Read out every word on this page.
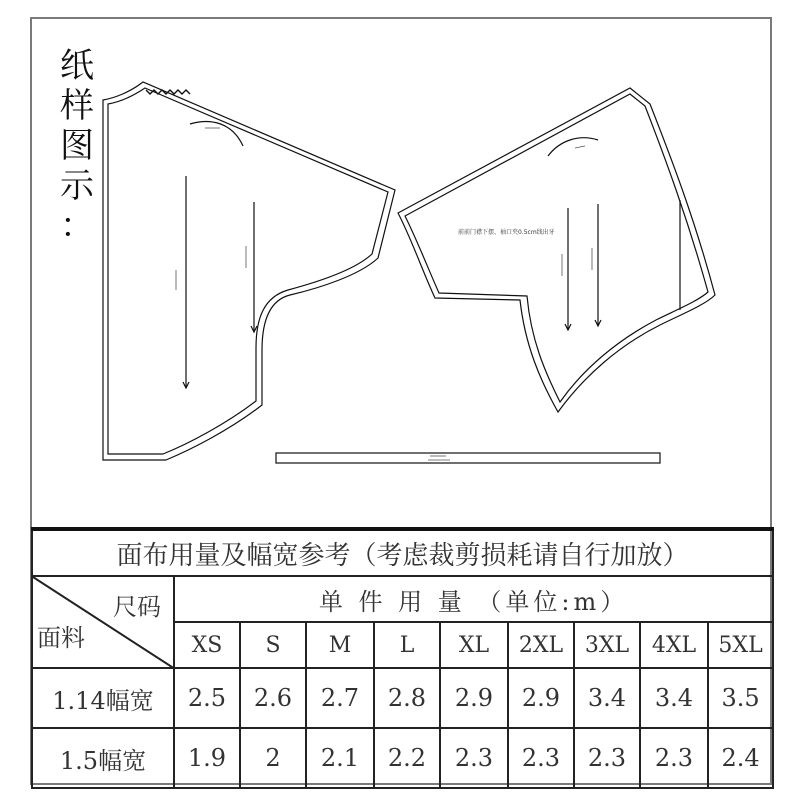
纸
样
图
示
：	前前门襟下摆、袖口夹0.5cm线出牙
面布用量及幅宽参考（考虑裁剪损耗请自行加放）									

尺码
面料	单 件 用 量 （单位:m）								
	XS	S	M	L	XL	2XL	3XL	4XL	5XL
1.14幅宽	2.5	2.6	2.7	2.8	2.9	2.9	3.4	3.4	3.5
1.5幅宽	1.9	2	2.1	2.2	2.3	2.3	2.3	2.3	2.4
